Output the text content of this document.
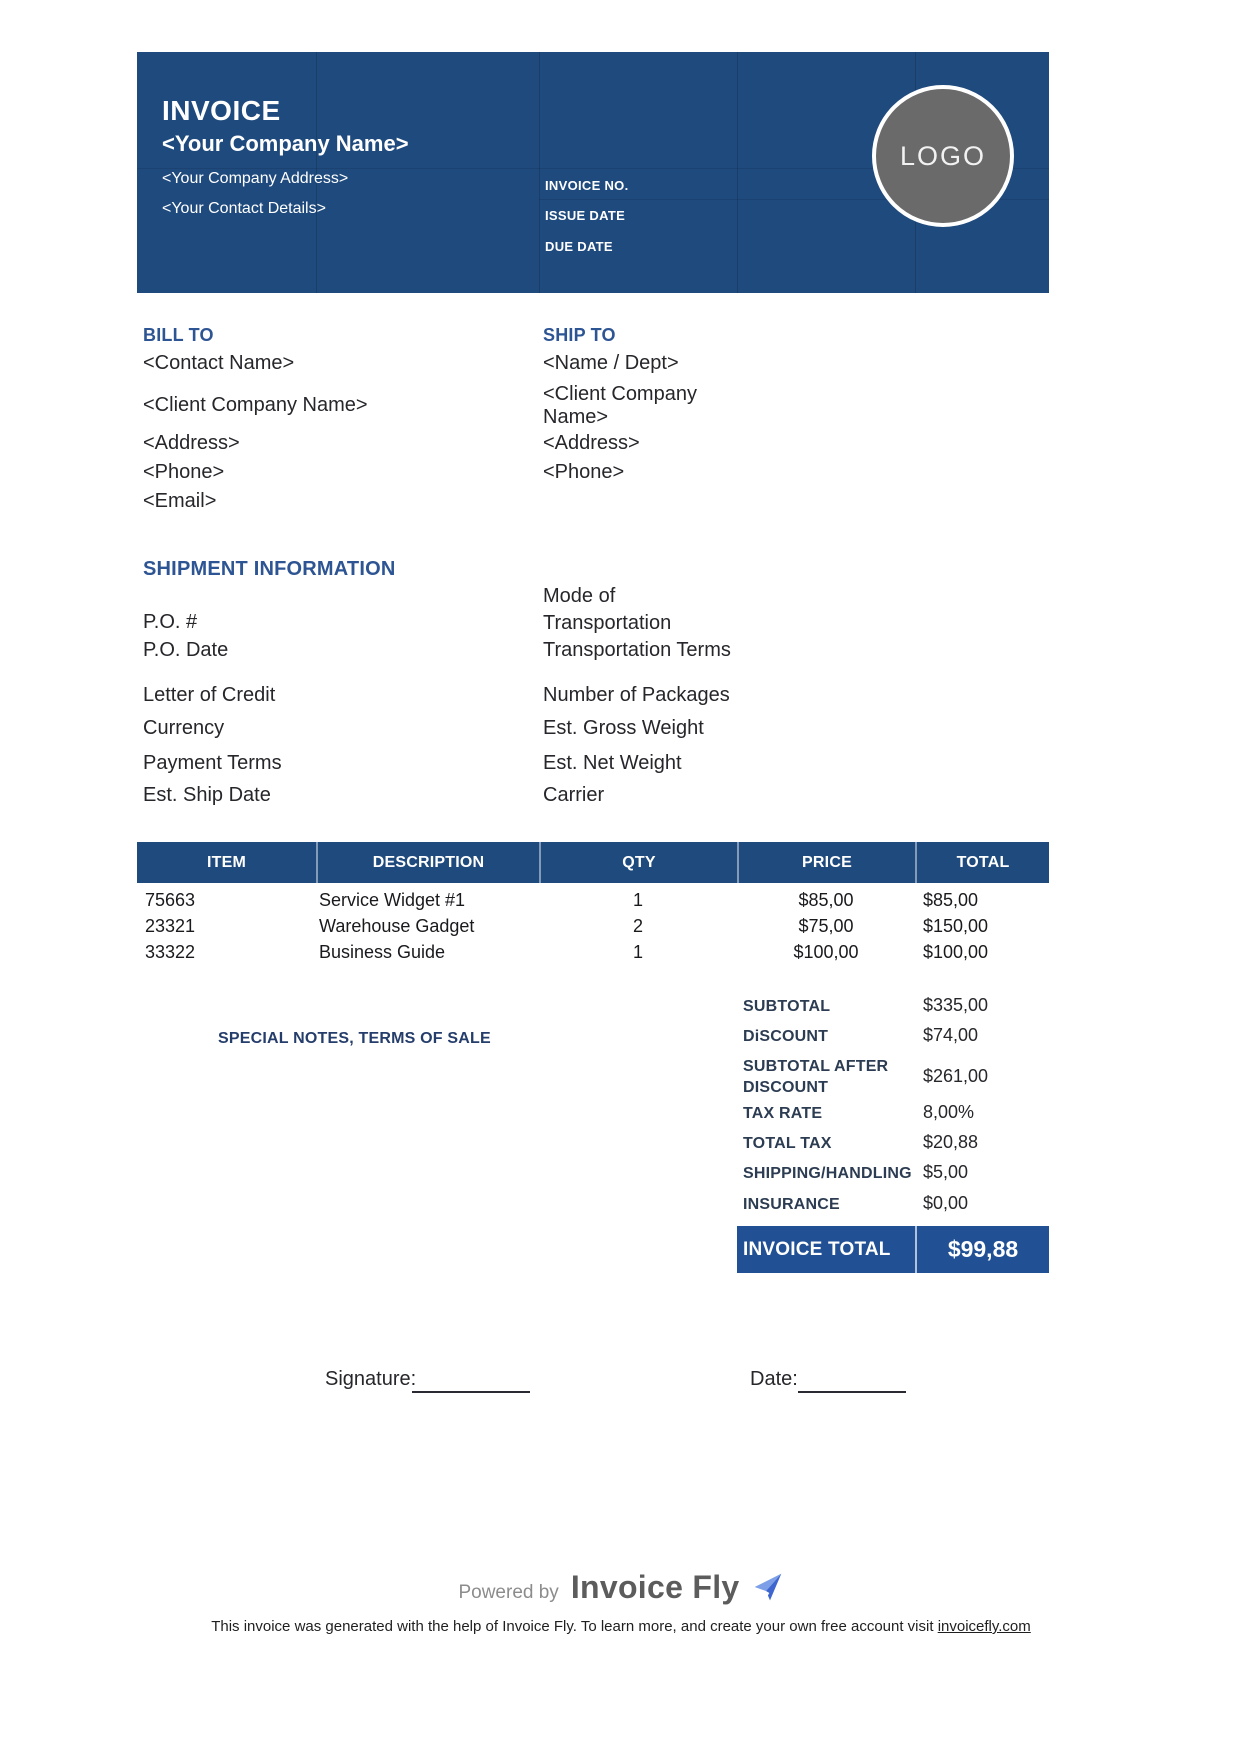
INVOICE
<Your Company Name>
<Your Company Address>
<Your Contact Details>
INVOICE NO.
ISSUE DATE
DUE DATE
LOGO
BILL TO
<Contact Name>
<Client Company Name>
<Address>
<Phone>
<Email>
SHIP TO
<Name / Dept>
<Client Company Name>
<Address>
<Phone>
SHIPMENT INFORMATION
P.O. #
P.O. Date
Letter of Credit
Currency
Payment Terms
Est. Ship Date
Mode of Transportation
Transportation Terms
Number of Packages
Est. Gross Weight
Est. Net Weight
Carrier
ITEM	DESCRIPTION	QTY	PRICE	TOTAL
75663	Service Widget #1	1	$85,00	$85,00
23321	Warehouse Gadget	2	$75,00	$150,00
33322	Business Guide	1	$100,00	$100,00
SPECIAL NOTES, TERMS OF SALE
SUBTOTAL	$335,00
DiSCOUNT	$74,00
SUBTOTAL AFTER DISCOUNT
$261,00
TAX RATE	8,00%
TOTAL TAX	$20,88
SHIPPING/HANDLING $5,00
INSURANCE	$0,00
INVOICE TOTAL	$99,88
Signature:	Date:
Powered by Invoice Fly
This invoice was generated with the help of Invoice Fly. To learn more, and create your own free account visit invoicefly.com
